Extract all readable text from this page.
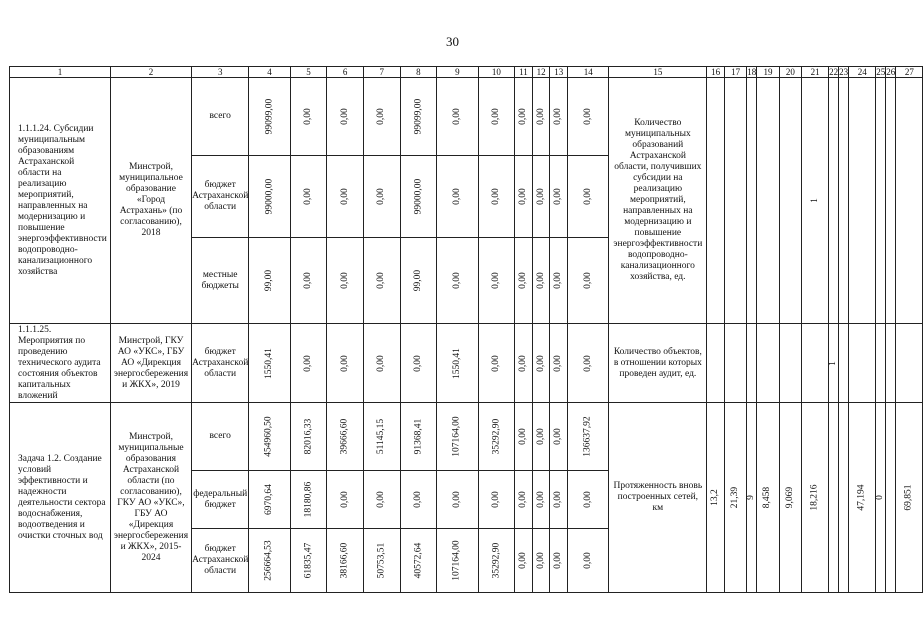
30
1	2	3	4	5	6	7	8	9	10	11	12	13	14	15	16	17	18	19	20	21	22	23	24	25	26	27
1.1.1.24. Субсидии муниципальным образованиям Астраханской области на реализацию мероприятий, направленных на модернизацию и повышение энергоэффективности водопроводно-канализационного хозяйства	Минстрой, муниципальное образование «Город Астрахань» (по согласованию), 2018	всего	99099,00	0,00	0,00	0,00	99099,00	0,00	0,00	0,00	0,00	0,00	0,00	Количество муниципальных образований Астраханской области, получивших субсидии на реализацию мероприятий, направленных на модернизацию и повышение энергоэффективности водопроводно-канализационного хозяйства, ед.						1						
		бюджет Астраханской области	99000,00	0,00	0,00	0,00	99000,00	0,00	0,00	0,00	0,00	0,00	0,00													
		местные бюджеты	99,00	0,00	0,00	0,00	99,00	0,00	0,00	0,00	0,00	0,00	0,00													
1.1.1.25. Мероприятия по проведению технического аудита состояния объектов капитальных вложений	Минстрой, ГКУ АО «УКС», ГБУ АО «Дирекция энергосбережения и ЖКХ», 2019	бюджет Астраханской области	1550,41	0,00	0,00	0,00	0,00	1550,41	0,00	0,00	0,00	0,00	0,00	Количество объектов, в отношении которых проведен аудит, ед.							1					
Задача 1.2. Создание условий эффективности и надежности деятельности сектора водоснабжения, водоотведения и очистки сточных вод	Минстрой, муниципальные образования Астраханской области (по согласованию), ГКУ АО «УКС», ГБУ АО «Дирекция энергосбережения и ЖКХ», 2015-2024	всего	454960,50	82016,33	39666,60	51145,15	91368,41	107164,00	35292,90	0,00	0,00	0,00	136637,92	Протяженность вновь построенных сетей, км	13,2	21,39	9	8,458	9,069	18,216			47,194	0		69,851
		федеральный бюджет	6970,64	18180,86	0,00	0,00	0,00	0,00	0,00	0,00	0,00	0,00	0,00													
		бюджет Астраханской области	256664,53	61835,47	38166,60	50753,51	40572,64	107164,00	35292,90	0,00	0,00	0,00	0,00													
